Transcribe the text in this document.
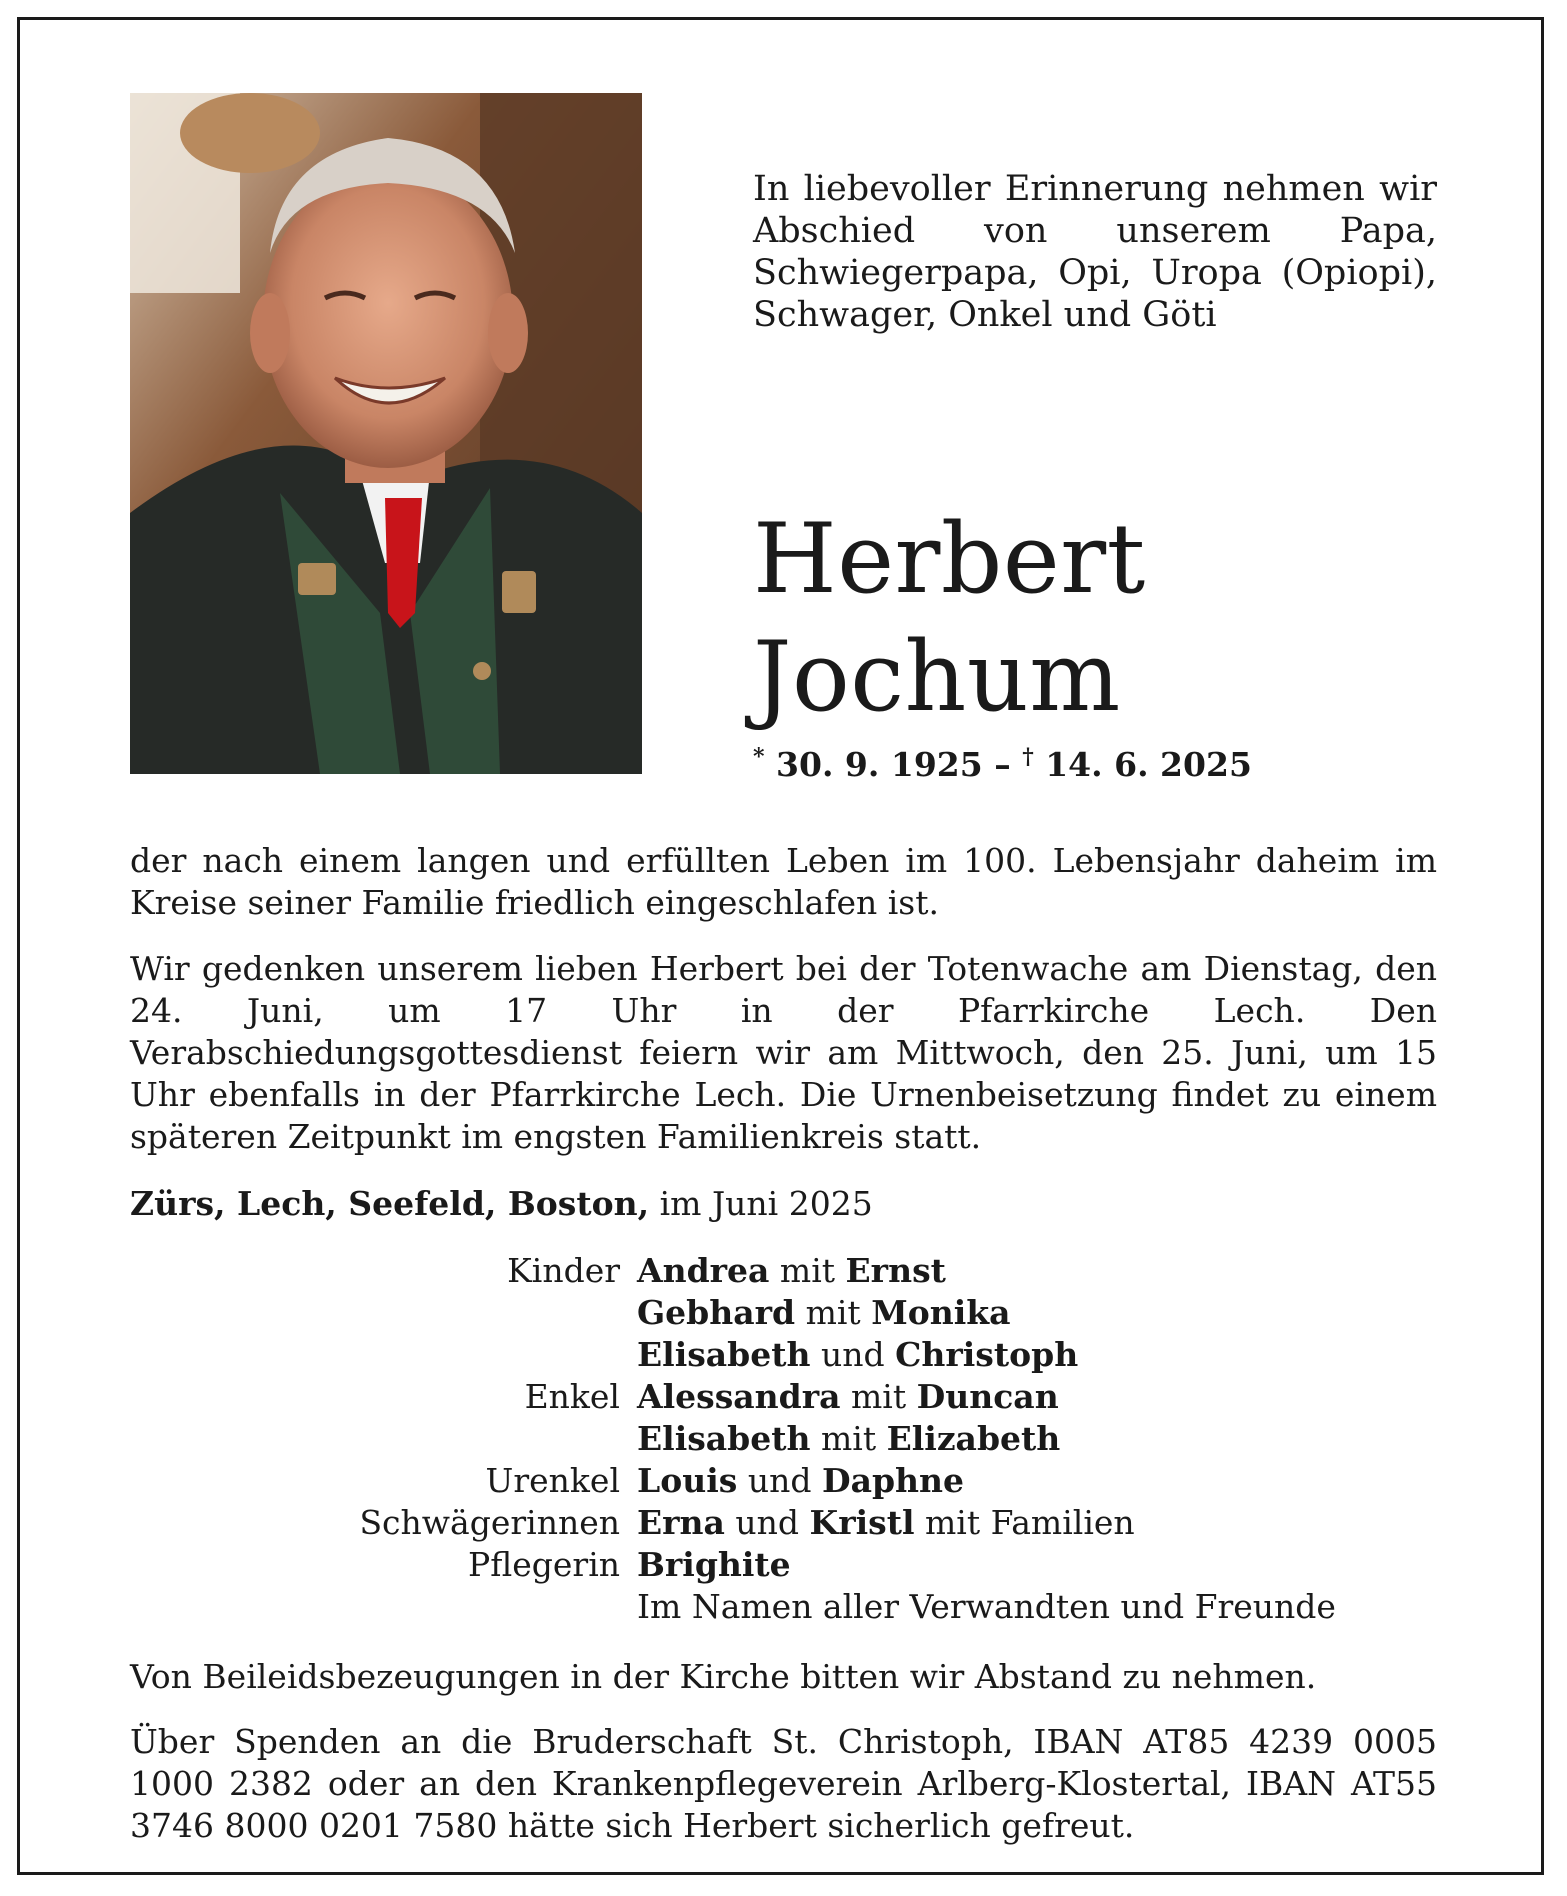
In liebevoller Erinnerung nehmen wir Abschied von unserem Papa, Schwiegerpapa, Opi, Uropa (Opiopi), Schwager, Onkel und Göti
Herbert
Jochum
* 30. 9. 1925 – † 14. 6. 2025
der nach einem langen und erfüllten Leben im 100. Lebensjahr daheim im Kreise seiner Familie friedlich eingeschlafen ist.
Wir gedenken unserem lieben Herbert bei der Totenwache am Dienstag, den 24. Juni, um 17 Uhr in der Pfarrkirche Lech. Den Verabschiedungsgottesdienst feiern wir am Mittwoch, den 25. Juni, um 15 Uhr ebenfalls in der Pfarrkirche Lech. Die Urnenbeisetzung findet zu einem späteren Zeitpunkt im engsten Familienkreis statt.
Zürs, Lech, Seefeld, Boston, im Juni 2025
Kinder Andrea mit Ernst
Gebhard mit Monika
Elisabeth und Christoph
Enkel Alessandra mit Duncan
Elisabeth mit Elizabeth
Urenkel Louis und Daphne
Schwägerinnen Erna und Kristl mit Familien
Pflegerin Brighite
Im Namen aller Verwandten und Freunde
Von Beileidsbezeugungen in der Kirche bitten wir Abstand zu nehmen.
Über Spenden an die Bruderschaft St. Christoph, IBAN AT85 4239 0005 1000 2382 oder an den Krankenpflegeverein Arlberg-Klostertal, IBAN AT55 3746 8000 0201 7580 hätte sich Herbert sicherlich gefreut.
